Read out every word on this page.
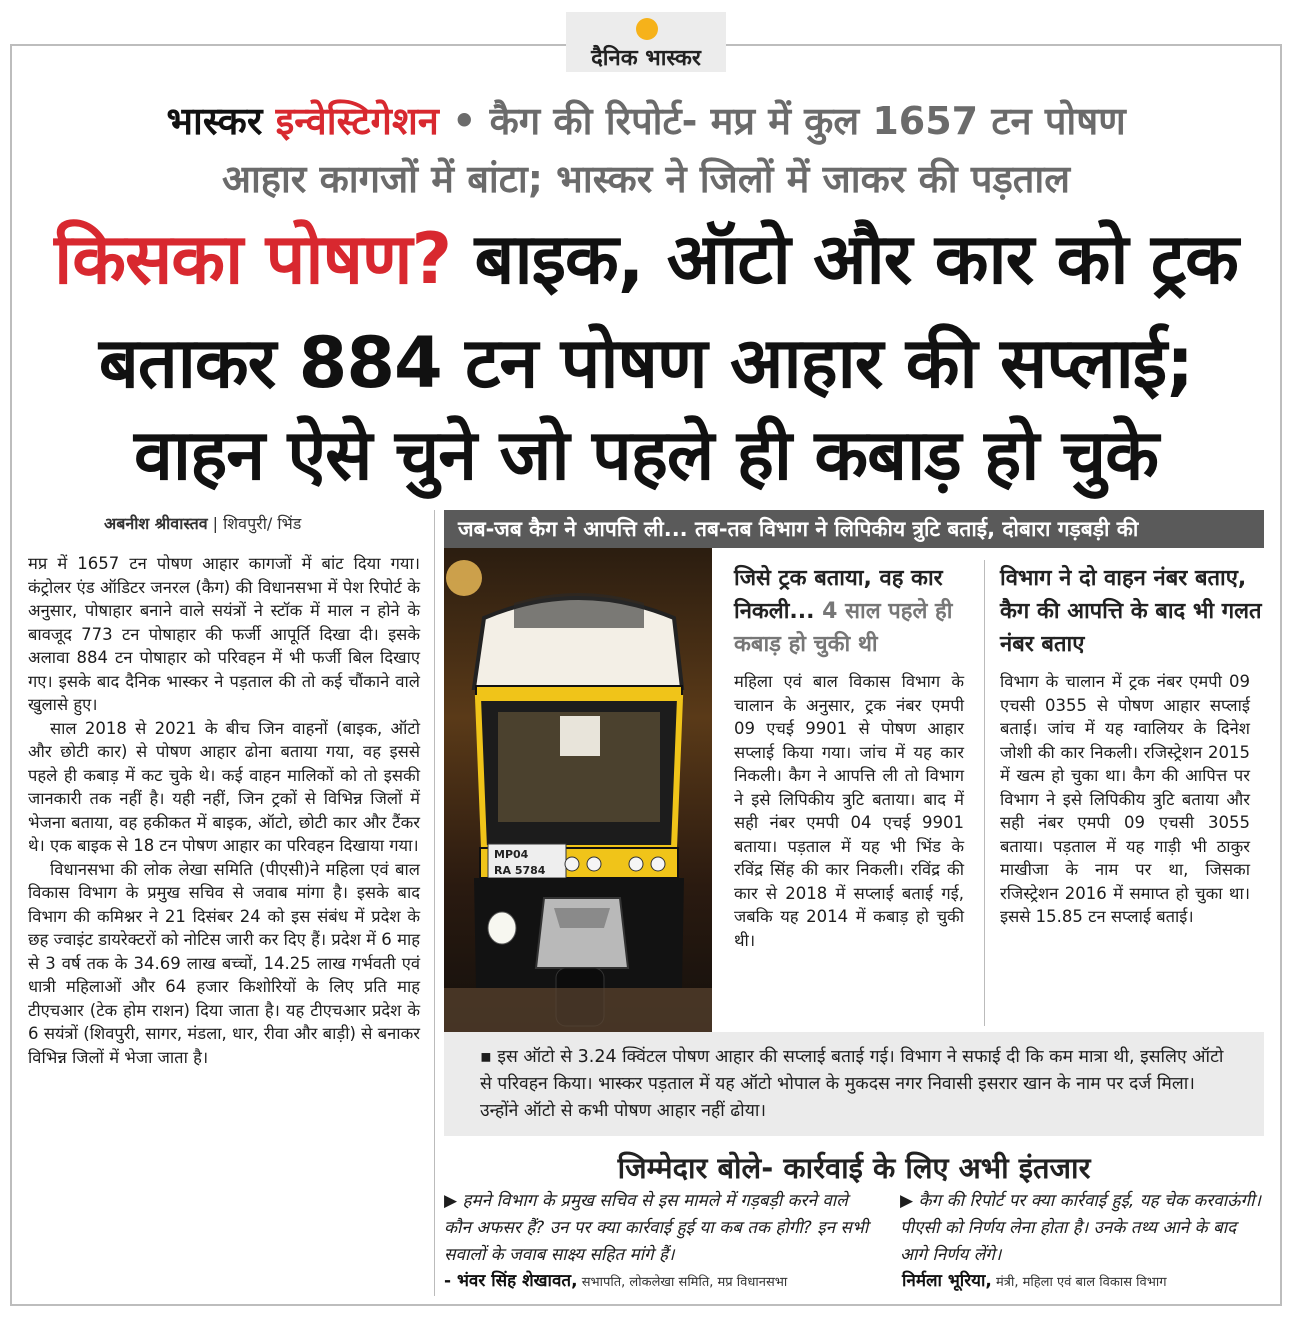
दैनिक भास्कर
भास्कर इन्वेस्टिगेशन • कैग की रिपोर्ट- मप्र में कुल 1657 टन पोषण
आहार कागजों में बांटा; भास्कर ने जिलों में जाकर की पड़ताल
किसका पोषण? बाइक, ऑटो और कार को ट्रक
बताकर 884 टन पोषण आहार की सप्लाई;
वाहन ऐसे चुने जो पहले ही कबाड़ हो चुके
अबनीश श्रीवास्तव | शिवपुरी/ भिंड

मप्र में 1657 टन पोषण आहार कागजों में बांट दिया गया। कंट्रोलर एंड ऑडिटर जनरल (कैग) की विधानसभा में पेश रिपोर्ट के अनुसार, पोषाहार बनाने वाले सयंत्रों ने स्टॉक में माल न होने के बावजूद 773 टन पोषाहार की फर्जी आपूर्ति दिखा दी। इसके अलावा 884 टन पोषाहार को परिवहन में भी फर्जी बिल दिखाए गए। इसके बाद दैनिक भास्कर ने पड़ताल की तो कई चौंकाने वाले खुलासे हुए।

साल 2018 से 2021 के बीच जिन वाहनों (बाइक, ऑटो और छोटी कार) से पोषण आहार ढोना बताया गया, वह इससे पहले ही कबाड़ में कट चुके थे। कई वाहन मालिकों को तो इसकी जानकारी तक नहीं है। यही नहीं, जिन ट्रकों से विभिन्न जिलों में भेजना बताया, वह हकीकत में बाइक, ऑटो, छोटी कार और टैंकर थे। एक बाइक से 18 टन पोषण आहार का परिवहन दिखाया गया।

विधानसभा की लोक लेखा समिति (पीएसी)ने महिला एवं बाल विकास विभाग के प्रमुख सचिव से जवाब मांगा है। इसके बाद विभाग की कमिश्नर ने 21 दिसंबर 24 को इस संबंध में प्रदेश के छह ज्वाइंट डायरेक्टरों को नोटिस जारी कर दिए हैं। प्रदेश में 6 माह से 3 वर्ष तक के 34.69 लाख बच्चों, 14.25 लाख गर्भवती एवं धात्री महिलाओं और 64 हजार किशोरियों के लिए प्रति माह टीएचआर (टेक होम राशन) दिया जाता है। यह टीएचआर प्रदेश के 6 सयंत्रों (शिवपुरी, सागर, मंडला, धार, रीवा और बाड़ी) से बनाकर विभिन्न जिलों में भेजा जाता है।

जब-जब कैग ने आपत्ति ली... तब-तब विभाग ने लिपिकीय त्रुटि बताई, दोबारा गड़बड़ी की
MP04
RA 5784
जिसे ट्रक बताया, वह कार निकली... 4 साल पहले ही कबाड़ हो चुकी थी
महिला एवं बाल विकास विभाग के चालान के अनुसार, ट्रक नंबर एमपी 09 एचई 9901 से पोषण आहार सप्लाई किया गया। जांच में यह कार निकली। कैग ने आपत्ति ली तो विभाग ने इसे लिपिकीय त्रुटि बताया। बाद में सही नंबर एमपी 04 एचई 9901 बताया। पड़ताल में यह भी भिंड के रविंद्र सिंह की कार निकली। रविंद्र की कार से 2018 में सप्लाई बताई गई, जबकि यह 2014 में कबाड़ हो चुकी थी।
विभाग ने दो वाहन नंबर बताए, कैग की आपत्ति के बाद भी गलत नंबर बताए
विभाग के चालान में ट्रक नंबर एमपी 09 एचसी 0355 से पोषण आहार सप्लाई बताई। जांच में यह ग्वालियर के दिनेश जोशी की कार निकली। रजिस्ट्रेशन 2015 में खत्म हो चुका था। कैग की आपित्त पर विभाग ने इसे लिपिकीय त्रुटि बताया और सही नंबर एमपी 09 एचसी 3055 बताया। पड़ताल में यह गाड़ी भी ठाकुर माखीजा के नाम पर था, जिसका रजिस्ट्रेशन 2016 में समाप्त हो चुका था। इससे 15.85 टन सप्लाई बताई।
▪ इस ऑटो से 3.24 क्विंटल पोषण आहार की सप्लाई बताई गई। विभाग ने सफाई दी कि कम मात्रा थी, इसलिए ऑटो से परिवहन किया। भास्कर पड़ताल में यह ऑटो भोपाल के मुकदस नगर निवासी इसरार खान के नाम पर दर्ज मिला। उन्होंने ऑटो से कभी पोषण आहार नहीं ढोया।
जिम्मेदार बोले- कार्रवाई के लिए अभी इंतजार
▶ हमने विभाग के प्रमुख सचिव से इस मामले में गड़बड़ी करने वाले कौन अफसर हैं? उन पर क्या कार्रवाई हुई या कब तक होगी? इन सभी सवालों के जवाब साक्ष्य सहित मांगे हैं।
- भंवर सिंह शेखावत, सभापति, लोकलेखा समिति, मप्र विधानसभा
▶ कैग की रिपोर्ट पर क्या कार्रवाई हुई, यह चेक करवाऊंगी। पीएसी को निर्णय लेना होता है। उनके तथ्य आने के बाद आगे निर्णय लेंगे।
निर्मला भूरिया, मंत्री, महिला एवं बाल विकास विभाग
